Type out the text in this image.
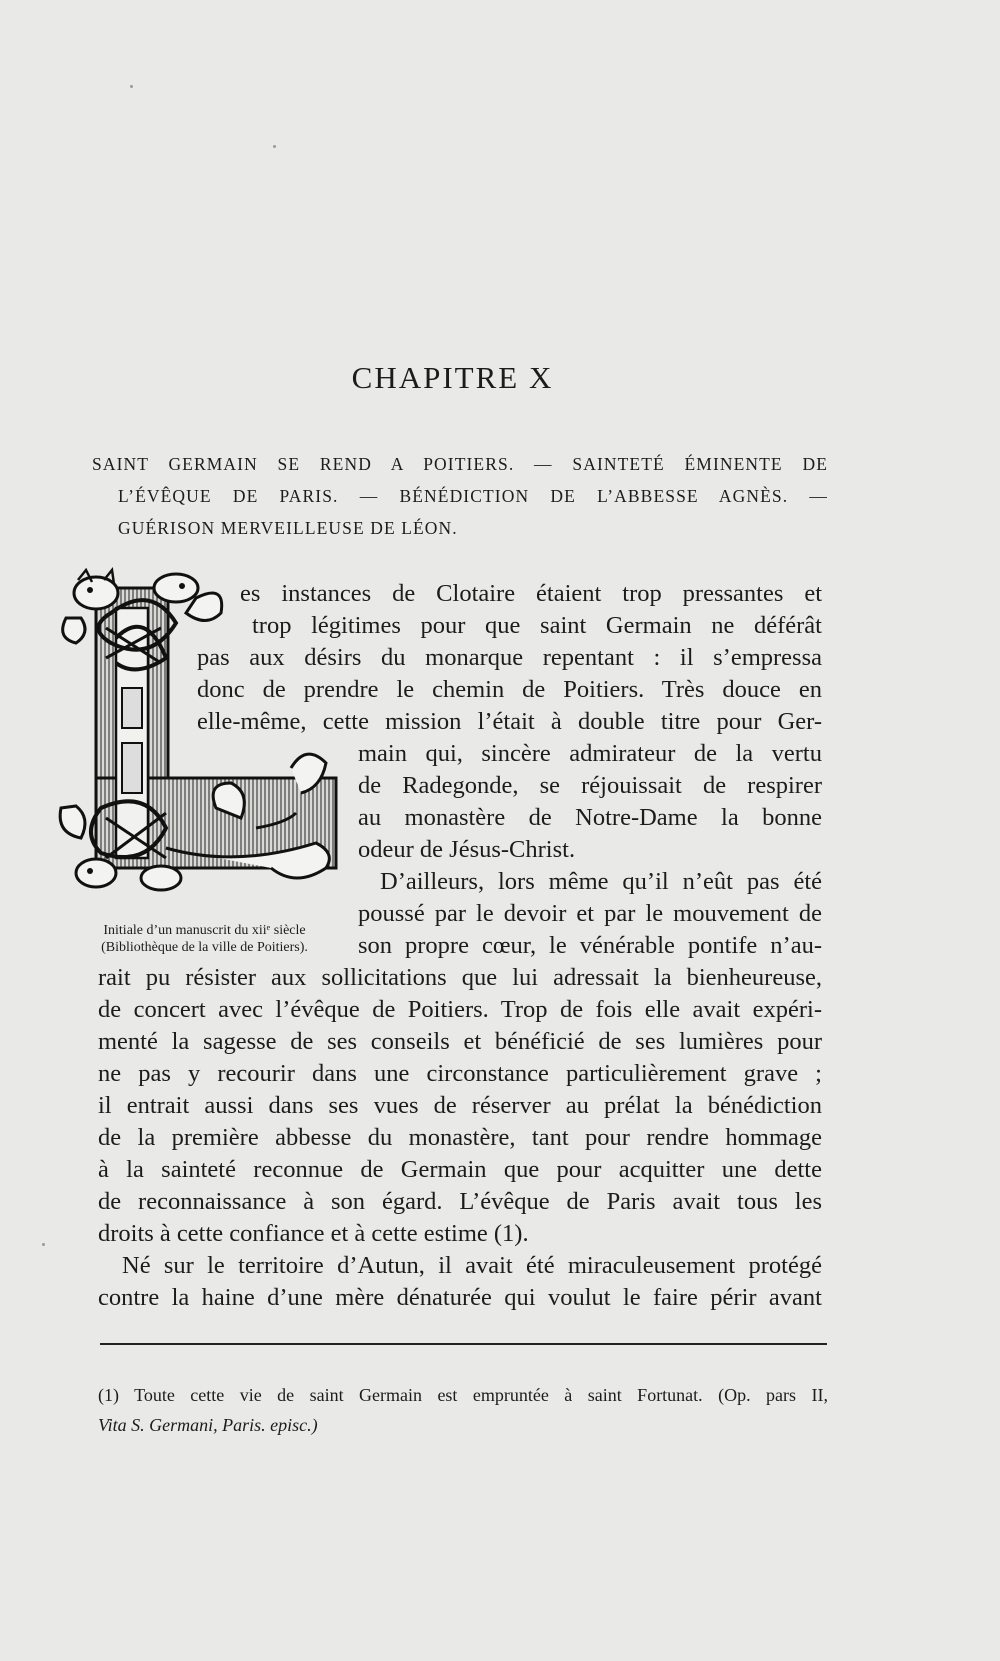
CHAPITRE X
SAINT GERMAIN SE REND A POITIERS. — SAINTETÉ ÉMINENTE DE
L’ÉVÊQUE DE PARIS. — BÉNÉDICTION DE L’ABBESSE AGNÈS. —
GUÉRISON MERVEILLEUSE DE LÉON.
L
Initiale d’un manuscrit du xiiᵉ siècle
(Bibliothèque de la ville de Poitiers).
es instances de Clotaire étaient trop pressantes et
trop légitimes pour que saint Germain ne déférât
pas aux désirs du monarque repentant : il s’empressa
donc de prendre le chemin de Poitiers. Très douce en
elle-même, cette mission l’était à double titre pour Ger-
main qui, sincère admirateur de la vertu
de Radegonde, se réjouissait de respirer
au monastère de Notre-Dame la bonne
odeur de Jésus-Christ.
D’ailleurs, lors même qu’il n’eût pas été
poussé par le devoir et par le mouvement de
son propre cœur, le vénérable pontife n’au-
rait pu résister aux sollicitations que lui adressait la bienheureuse,
de concert avec l’évêque de Poitiers. Trop de fois elle avait expéri-
menté la sagesse de ses conseils et bénéficié de ses lumières pour
ne pas y recourir dans une circonstance particulièrement grave ;
il entrait aussi dans ses vues de réserver au prélat la bénédiction
de la première abbesse du monastère, tant pour rendre hommage
à la sainteté reconnue de Germain que pour acquitter une dette
de reconnaissance à son égard. L’évêque de Paris avait tous les
droits à cette confiance et à cette estime (1).
Né sur le territoire d’Autun, il avait été miraculeusement protégé
contre la haine d’une mère dénaturée qui voulut le faire périr avant
(1) Toute cette vie de saint Germain est empruntée à saint Fortunat. (Op. pars II,
Vita S. Germani, Paris. episc.)
